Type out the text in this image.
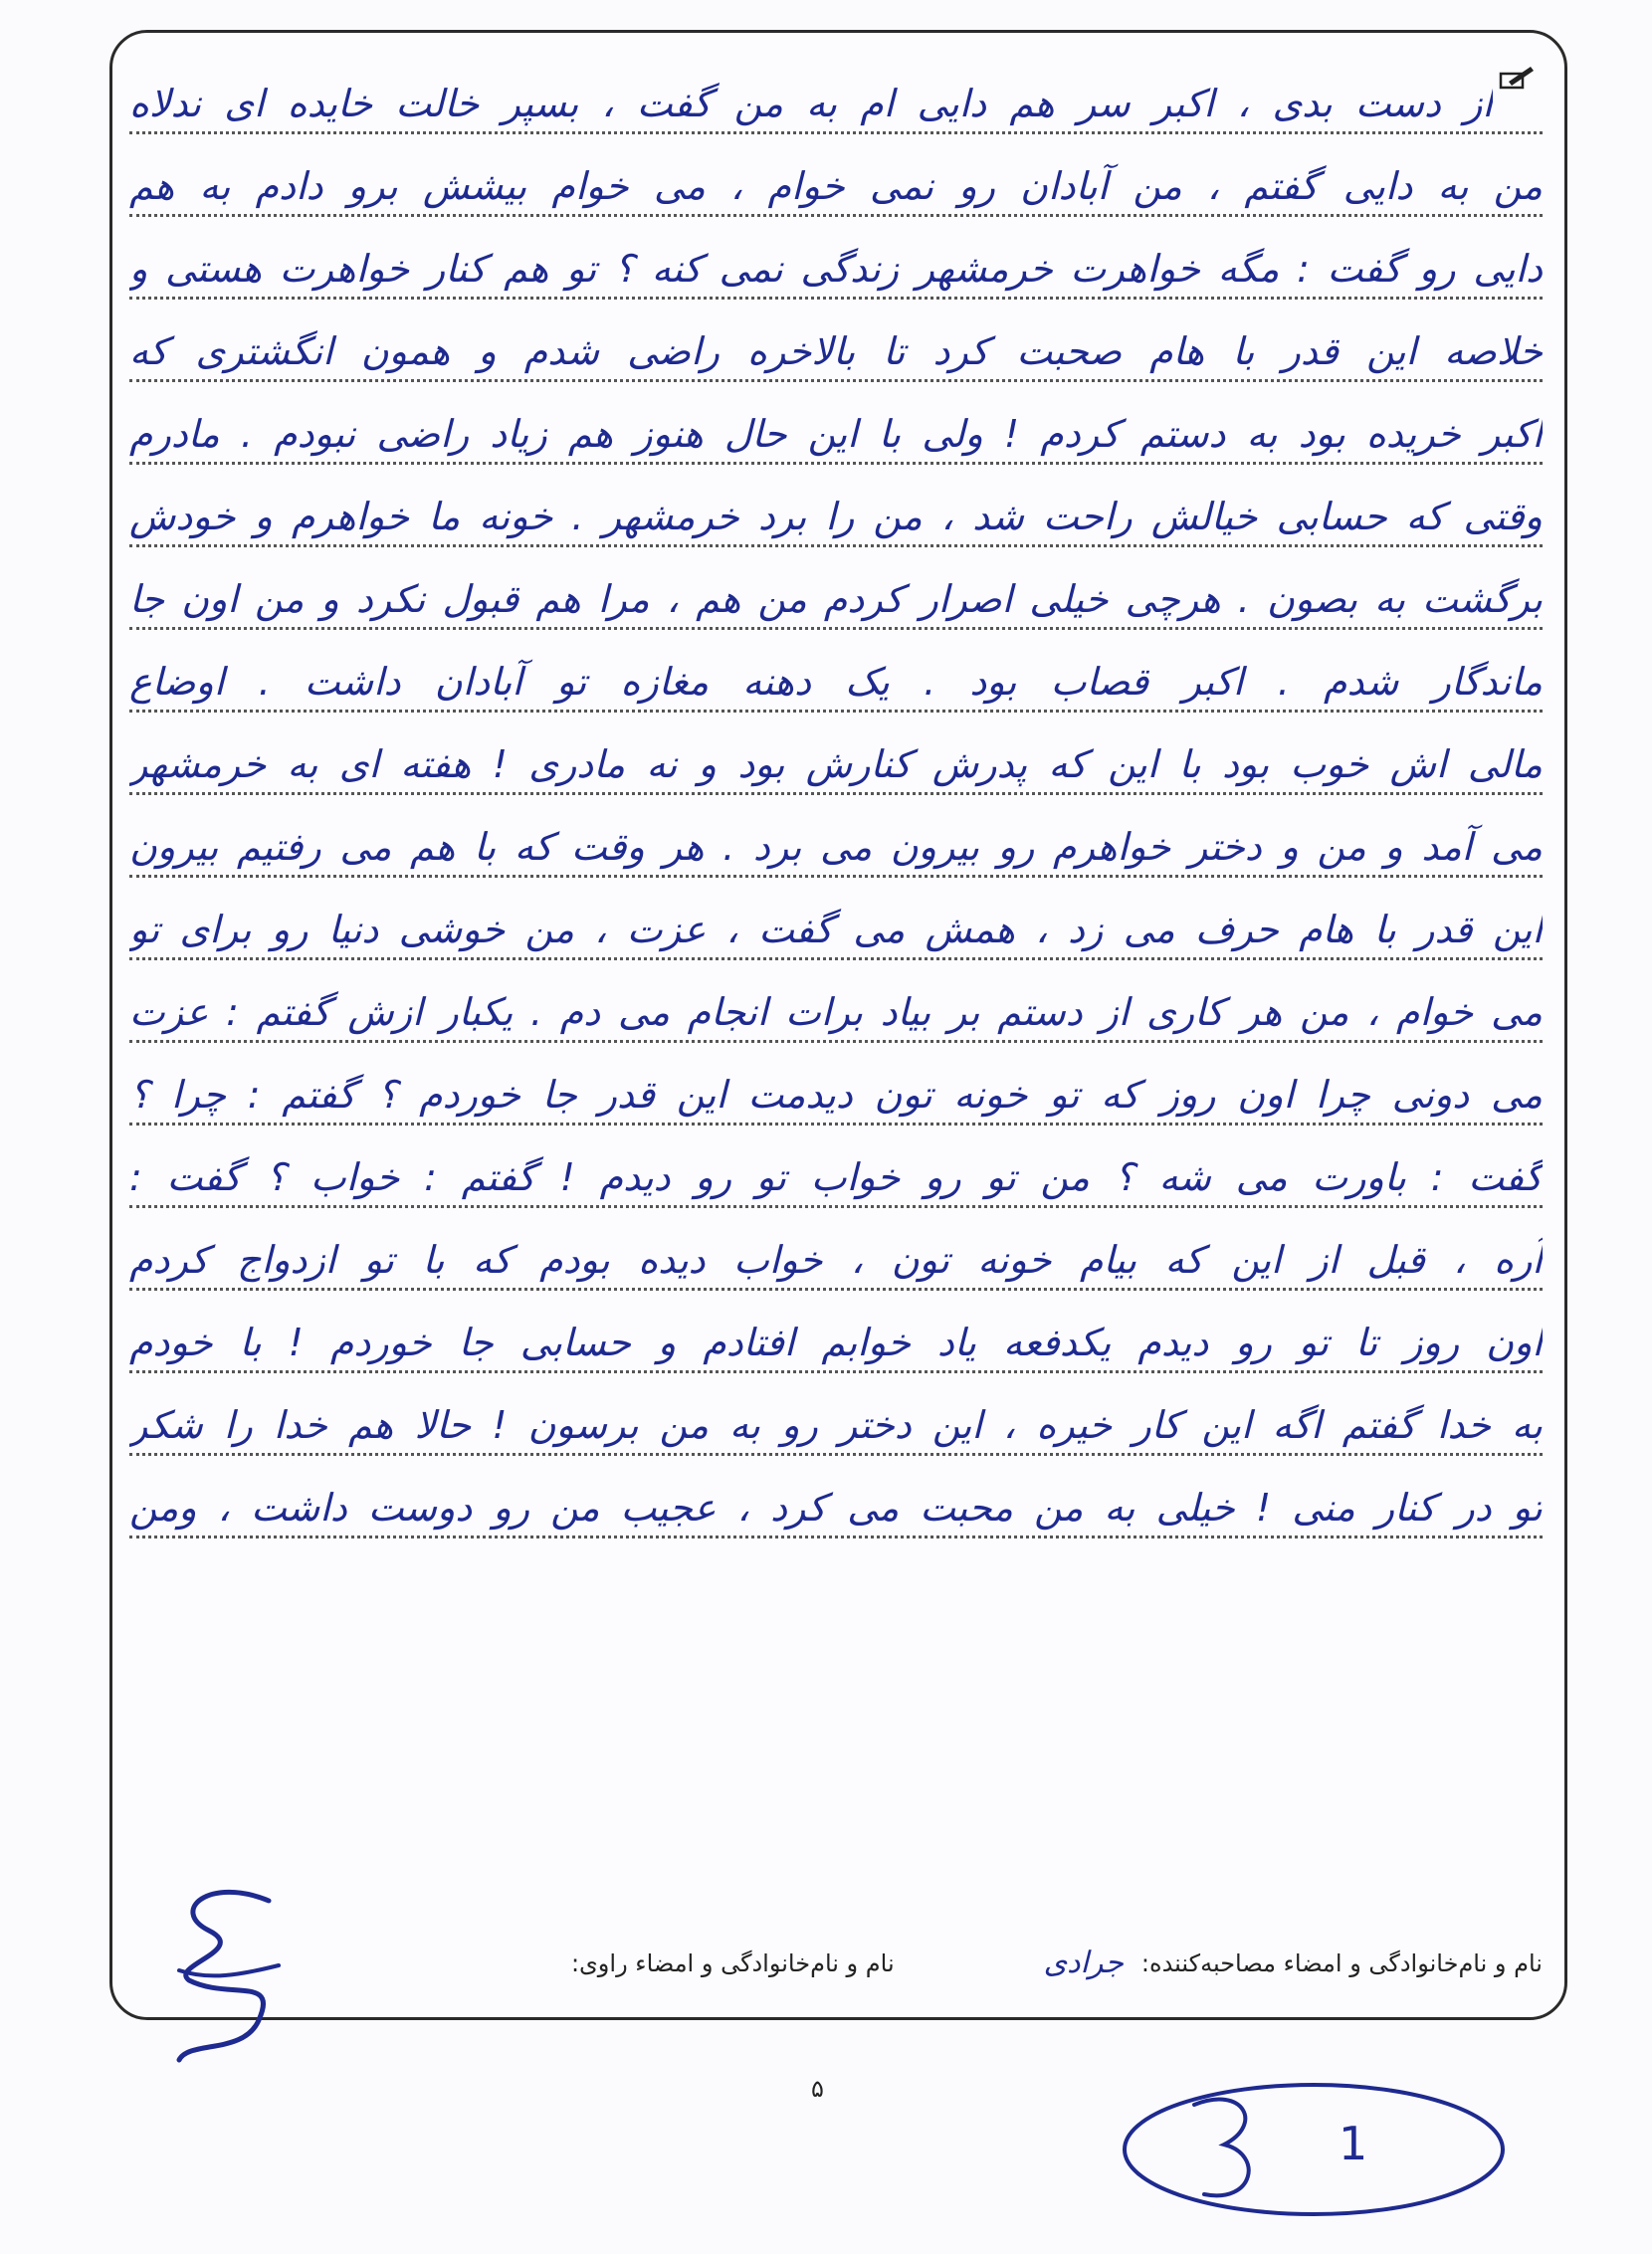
از دست بدی ، اکبر سر هم دایی ام به من گفت ، بسپر خالت خایده ای ندلاه
من به دایی گفتم ، من آبادان رو نمی خوام ، می خوام بیشش برو دادم به هم
دایی رو گفت : مگه خواهرت خرمشهر زندگی نمی کنه ؟ تو هم کنار خواهرت هستی و
خلاصه این قدر با هام صحبت کرد تا بالاخره راضی شدم و همون انگشتری که
اکبر خریده بود به دستم کردم ! ولی با این حال هنوز هم زیاد راضی نبودم . مادرم
وقتی که حسابی خیالش راحت شد ، من را برد خرمشهر . خونه ما خواهرم و خودش
برگشت به بصون . هرچی خیلی اصرار کردم من هم ، مرا هم قبول نکرد و من اون جا
ماندگار شدم . اکبر قصاب بود . یک دهنه مغازه تو آبادان داشت . اوضاع
مالی اش خوب بود با این که پدرش کنارش بود و نه مادری ! هفته ای به خرمشهر
می آمد و من و دختر خواهرم رو بیرون می برد . هر وقت که با هم می رفتیم بیرون
این قدر با هام حرف می زد ، همش می گفت ، عزت ، من خوشی دنیا رو برای تو
می خوام ، من هر کاری از دستم بر بیاد برات انجام می دم . یکبار ازش گفتم : عزت
می دونی چرا اون روز که تو خونه تون دیدمت این قدر جا خوردم ؟ گفتم : چرا ؟
گفت : باورت می شه ؟ من تو رو خواب تو رو دیدم ! گفتم : خواب ؟ گفت :
آره ، قبل از این که بیام خونه تون ، خواب دیده بودم که با تو ازدواج کردم
اون روز تا تو رو دیدم یکدفعه یاد خوابم افتادم و حسابی جا خوردم ! با خودم
به خدا گفتم اگه این کار خیره ، این دختر رو به من برسون ! حالا هم خدا را شکر
تو در کنار منی ! خیلی به من محبت می کرد ، عجیب من رو دوست داشت ، ومن
نام و نام‌خانوادگی و امضاء مصاحبه‌کننده:
جرادی
نام و نام‌خانوادگی و امضاء راوی:
۵
1
